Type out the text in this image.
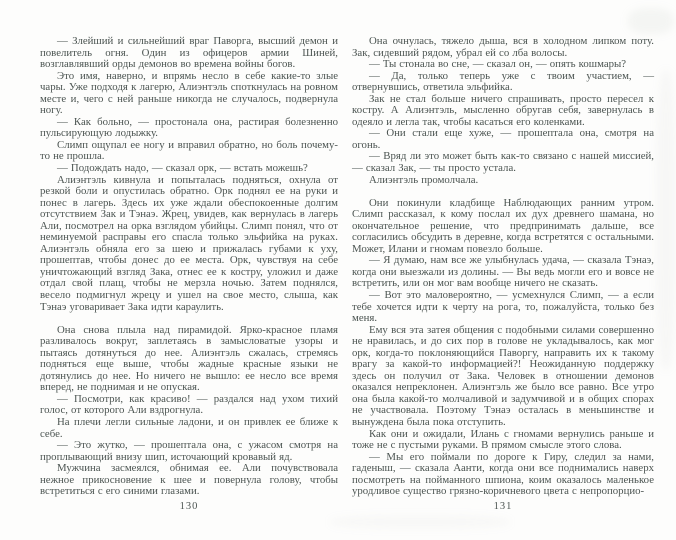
— Злейший и сильнейший враг Паворга, высший демон и повелитель огня. Один из офицеров армии Шиней, возглавлявший орды демонов во времена войны богов.

Это имя, наверно, и впрямь несло в себе какие-то злые чары. Уже подходя к лагерю, Алиэнтэль споткнулась на ровном месте и, чего с ней раньше никогда не случалось, подвернула ногу.

— Как больно, — простонала она, растирая болезненно пульсирующую лодыжку.

Слимп ощупал ее ногу и вправил обратно, но боль почему-то не прошла.

— Подождать надо, — сказал орк, — встать можешь?

Алиэнтэль кивнула и попыталась подняться, охнула от резкой боли и опустилась обратно. Орк поднял ее на руки и понес в лагерь. Здесь их уже ждали обеспокоенные долгим отсутствием Зак и Тэнаэ. Жрец, увидев, как вернулась в лагерь Али, посмотрел на орка взглядом убийцы. Слимп понял, что от неминуемой расправы его спасла только эльфийка на руках. Алиэнтэль обняла его за шею и прижалась губами к уху, прошептав, чтобы донес до ее места. Орк, чувствуя на себе уничтожающий взгляд Зака, отнес ее к костру, уложил и даже отдал свой плащ, чтобы не мерзла ночью. Затем поднялся, весело подмигнул жрецу и ушел на свое место, слыша, как Тэнаэ уговаривает Зака идти караулить.

Она снова плыла над пирамидой. Ярко-красное пламя разливалось вокруг, заплетаясь в замысловатые узоры и пытаясь дотянуться до нее. Алиэнтэль сжалась, стремясь подняться еще выше, чтобы жадные красные языки не дотянулись до нее. Но ничего не вышло: ее несло все время вперед, не поднимая и не опуская.

— Посмотри, как красиво! — раздался над ухом тихий голос, от которого Али вздрогнула.

На плечи легли сильные ладони, и он привлек ее ближе к себе.

— Это жутко, — прошептала она, с ужасом смотря на проплывающий внизу шип, источающий кровавый яд.

Мужчина засмеялся, обнимая ее. Али почувствовала нежное прикосновение к шее и повернула голову, чтобы встретиться с его синими глазами.

Она очнулась, тяжело дыша, вся в холодном липком поту. Зак, сидевший рядом, убрал ей со лба волосы.

— Ты стонала во сне, — сказал он, — опять кошмары?

— Да, только теперь уже с твоим участием, — отвернувшись, ответила эльфийка.

Зак не стал больше ничего спрашивать, просто пересел к костру. А Алиэнтэль, мысленно обругав себя, завернулась в одеяло и легла так, чтобы касаться его коленками.

— Они стали еще хуже, — прошептала она, смотря на огонь.

— Вряд ли это может быть как-то связано с нашей миссией, — сказал Зак, — ты просто устала.

Алиэнтэль промолчала.

Они покинули кладбище Наблюдающих ранним утром. Слимп рассказал, к кому послал их дух древнего шамана, но окончательное решение, что предпринимать дальше, все согласились обсудить в деревне, когда встретятся с остальными. Может, Илани и гномам повезло больше.

— Я думаю, нам все же улыбнулась удача, — сказала Тэнаэ, когда они выезжали из долины. — Вы ведь могли его и вовсе не встретить, или он мог вам вообще ничего не сказать.

— Вот это маловероятно, — усмехнулся Слимп, — а если тебе хочется идти к черту на рога, то, пожалуйста, только без меня.

Ему вся эта затея общения с подобными силами совершенно не нравилась, и до сих пор в голове не укладывалось, как мог орк, когда-то поклоняющийся Паворгу, направить их к такому врагу за какой-то информацией?! Неожиданную поддержку здесь он получил от Зака. Человек в отношении демонов оказался непреклонен. Алиэнтэль же было все равно. Все утро она была какой-то молчаливой и задумчивой и в общих спорах не участвовала. Поэтому Тэнаэ осталась в меньшинстве и вынуждена была пока отступить.

Как они и ожидали, Илань с гномами вернулись раньше и тоже не с пустыми руками. В прямом смысле этого слова.

— Мы его поймали по дороге к Гиру, следил за нами, гаденыш, — сказала Аанти, когда они все поднимались наверх посмотреть на пойманного шпиона, коим оказалось маленькое уродливое существо грязно-коричневого цвета с непропорцио-

130	131
